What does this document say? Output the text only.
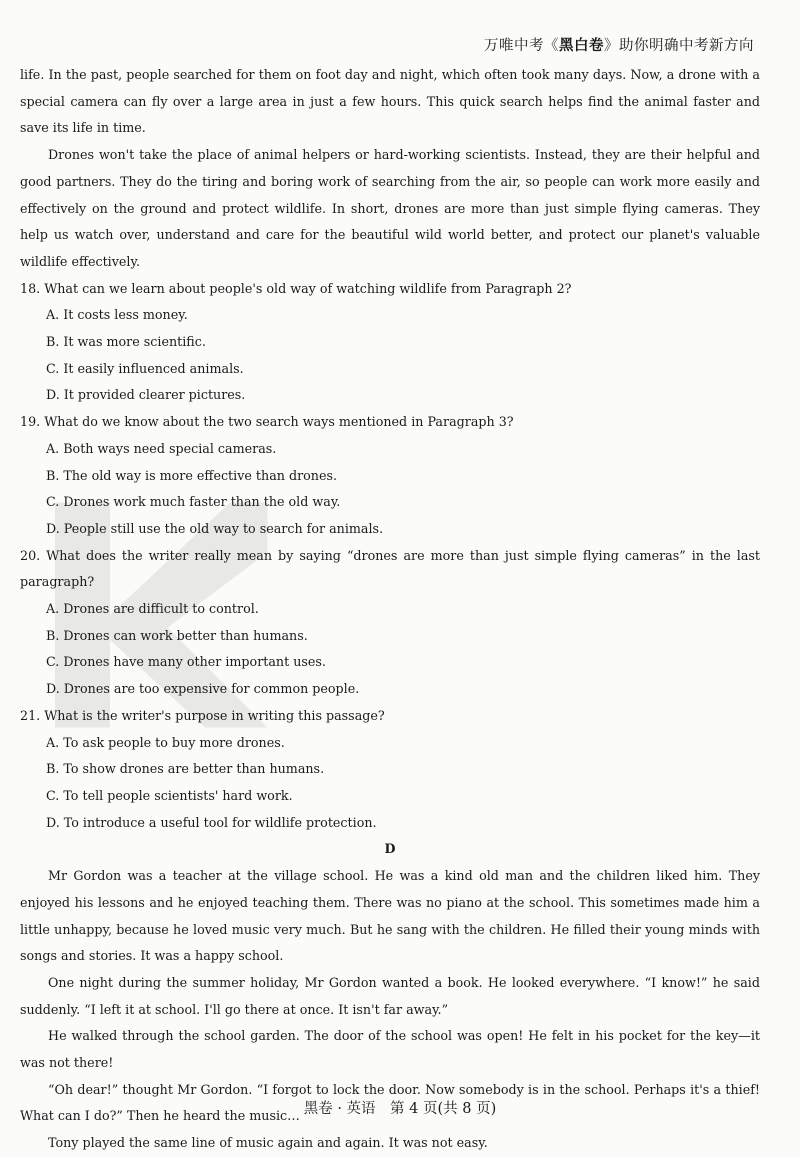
万唯中考《黑白卷》助你明确中考新方向

life. In the past, people searched for them on foot day and night, which often took many days. Now, a drone with a special camera can fly over a large area in just a few hours. This quick search helps find the animal faster and save its life in time.

Drones won't take the place of animal helpers or hard-working scientists. Instead, they are their helpful and good partners. They do the tiring and boring work of searching from the air, so people can work more easily and effectively on the ground and protect wildlife. In short, drones are more than just simple flying cameras. They help us watch over, understand and care for the beautiful wild world better, and protect our planet's valuable wildlife effectively.

18. What can we learn about people's old way of watching wildlife from Paragraph 2?

A. It costs less money.

B. It was more scientific.

C. It easily influenced animals.

D. It provided clearer pictures.

19. What do we know about the two search ways mentioned in Paragraph 3?

A. Both ways need special cameras.

B. The old way is more effective than drones.

C. Drones work much faster than the old way.

D. People still use the old way to search for animals.

20. What does the writer really mean by saying “drones are more than just simple flying cameras” in the last paragraph?

A. Drones are difficult to control.

B. Drones can work better than humans.

C. Drones have many other important uses.

D. Drones are too expensive for common people.

21. What is the writer's purpose in writing this passage?

A. To ask people to buy more drones.

B. To show drones are better than humans.

C. To tell people scientists' hard work.

D. To introduce a useful tool for wildlife protection.

D

Mr Gordon was a teacher at the village school. He was a kind old man and the children liked him. They enjoyed his lessons and he enjoyed teaching them. There was no piano at the school. This sometimes made him a little unhappy, because he loved music very much. But he sang with the children. He filled their young minds with songs and stories. It was a happy school.

One night during the summer holiday, Mr Gordon wanted a book. He looked everywhere. “I know!” he said suddenly. “I left it at school. I'll go there at once. It isn't far away.”

He walked through the school garden. The door of the school was open! He felt in his pocket for the key—it was not there!

“Oh dear!” thought Mr Gordon. “I forgot to lock the door. Now somebody is in the school. Perhaps it's a thief! What can I do?” Then he heard the music…

Tony played the same line of music again and again. It was not easy.

黑卷 · 英语　第 4 页(共 8 页)
